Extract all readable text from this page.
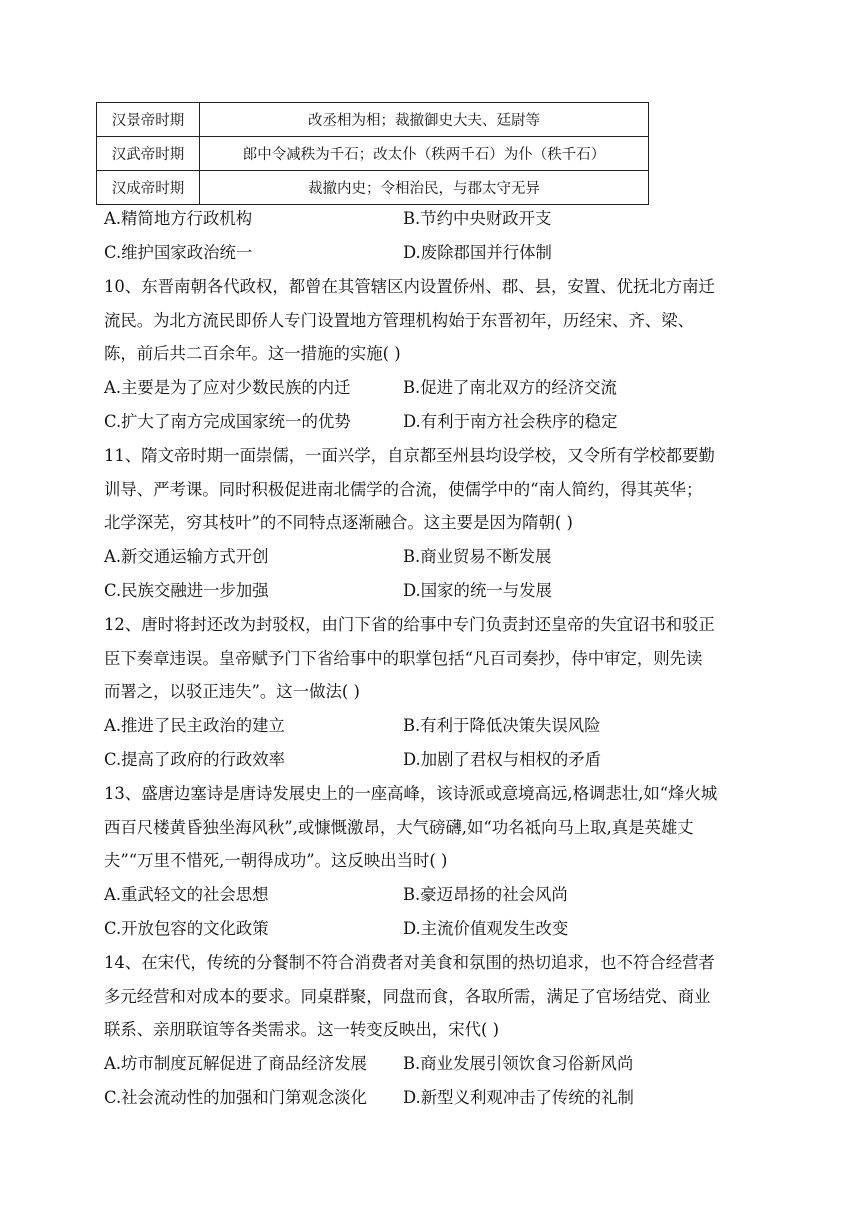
汉景帝时期	改丞相为相；裁撤御史大夫、廷尉等
汉武帝时期	郎中令减秩为千石；改太仆（秩两千石）为仆（秩千石）
汉成帝时期	裁撤内史；令相治民，与郡太守无异
A.精简地方行政机构	B.节约中央财政开支
C.维护国家政治统一	D.废除郡国并行体制
10、东晋南朝各代政权，都曾在其管辖区内设置侨州、郡、县，安置、优抚北方南迁
流民。为北方流民即侨人专门设置地方管理机构始于东晋初年，历经宋、齐、梁、
陈，前后共二百余年。这一措施的实施( )
A.主要是为了应对少数民族的内迁	B.促进了南北双方的经济交流
C.扩大了南方完成国家统一的优势	D.有利于南方社会秩序的稳定
11、隋文帝时期一面崇儒，一面兴学，自京都至州县均设学校，又令所有学校都要勤
训导、严考课。同时积极促进南北儒学的合流，使儒学中的“南人简约，得其英华；
北学深芜，穷其枝叶”的不同特点逐渐融合。这主要是因为隋朝( )
A.新交通运输方式开创	B.商业贸易不断发展
C.民族交融进一步加强	D.国家的统一与发展
12、唐时将封还改为封驳权，由门下省的给事中专门负责封还皇帝的失宜诏书和驳正
臣下奏章违误。皇帝赋予门下省给事中的职掌包括“凡百司奏抄，侍中审定，则先读
而署之，以驳正违失”。这一做法( )
A.推进了民主政治的建立	B.有利于降低决策失误风险
C.提高了政府的行政效率	D.加剧了君权与相权的矛盾
13、盛唐边塞诗是唐诗发展史上的一座高峰，该诗派或意境高远,格调悲壮,如“烽火城
西百尺楼黄昏独坐海风秋”,或慷慨激昂，大气磅礴,如“功名祗向马上取,真是英雄丈
夫”“万里不惜死,一朝得成功”。这反映出当时( )
A.重武轻文的社会思想	B.豪迈昂扬的社会风尚
C.开放包容的文化政策	D.主流价值观发生改变
14、在宋代，传统的分餐制不符合消费者对美食和氛围的热切追求，也不符合经营者
多元经营和对成本的要求。同桌群聚，同盘而食，各取所需，满足了官场结党、商业
联系、亲朋联谊等各类需求。这一转变反映出，宋代( )
A.坊市制度瓦解促进了商品经济发展 B.商业发展引领饮食习俗新风尚
C.社会流动性的加强和门第观念淡化 D.新型义利观冲击了传统的礼制
